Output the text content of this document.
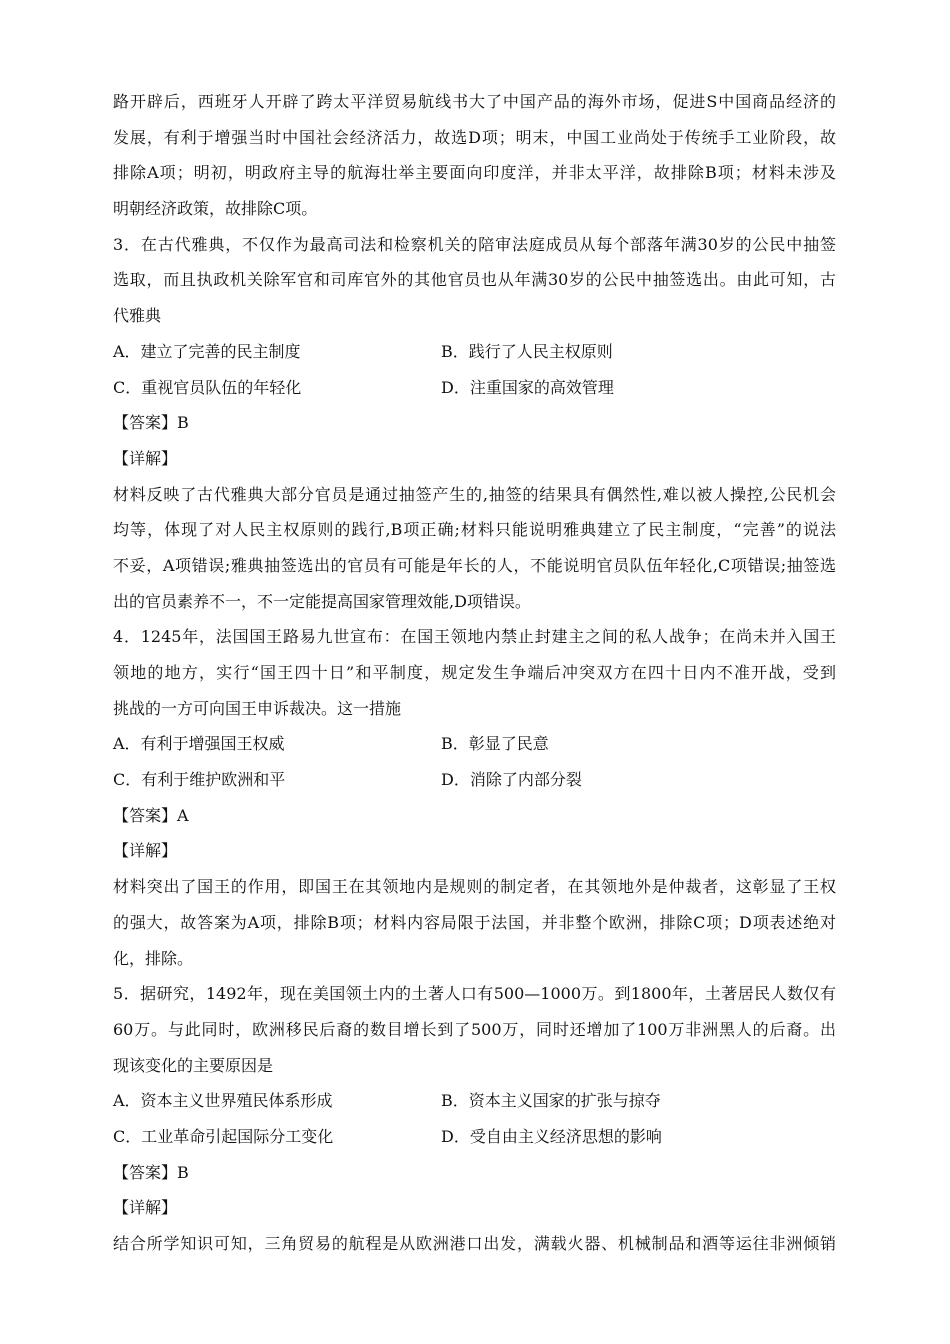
路开辟后，西班牙人开辟了跨太平洋贸易航线书大了中国产品的海外市场，促进S中国商品经济的
发展，有利于增强当时中国社会经济活力，故选D项；明末，中国工业尚处于传统手工业阶段，故
排除A项；明初，明政府主导的航海壮举主要面向印度洋，并非太平洋，故排除B项；材料未涉及
明朝经济政策，故排除C项。
3．在古代雅典，不仅作为最高司法和检察机关的陪审法庭成员从每个部落年满30岁的公民中抽签
选取，而且执政机关除军官和司库官外的其他官员也从年满30岁的公民中抽签选出。由此可知，古
代雅典
A．建立了完善的民主制度	B．践行了人民主权原则
C．重视官员队伍的年轻化	D．注重国家的高效管理
【答案】B
【详解】
材料反映了古代雅典大部分官员是通过抽签产生的,抽签的结果具有偶然性,难以被人操控,公民机会
均等，体现了对人民主权原则的践行,B项正确;材料只能说明雅典建立了民主制度，“完善”的说法
不妥，A项错误;雅典抽签选出的官员有可能是年长的人，不能说明官员队伍年轻化,C项错误;抽签选
出的官员素养不一，不一定能提高国家管理效能,D项错误。
4．1245年，法国国王路易九世宣布：在国王领地内禁止封建主之间的私人战争；在尚未并入国王
领地的地方，实行“国王四十日”和平制度，规定发生争端后冲突双方在四十日内不准开战，受到
挑战的一方可向国王申诉裁决。这一措施
A．有利于增强国王权威	B．彰显了民意
C．有利于维护欧洲和平	D．消除了内部分裂
【答案】A
【详解】
材料突出了国王的作用，即国王在其领地内是规则的制定者，在其领地外是仲裁者，这彰显了王权
的强大，故答案为A项，排除B项；材料内容局限于法国，并非整个欧洲，排除C项；D项表述绝对
化，排除。
5．据研究，1492年，现在美国领土内的土著人口有500—1000万。到1800年，土著居民人数仅有
60万。与此同时，欧洲移民后裔的数目增长到了500万，同时还增加了100万非洲黑人的后裔。出
现该变化的主要原因是
A．资本主义世界殖民体系形成	B．资本主义国家的扩张与掠夺
C．工业革命引起国际分工变化	D．受自由主义经济思想的影响
【答案】B
【详解】
结合所学知识可知，三角贸易的航程是从欧洲港口出发，满载火器、机械制品和酒等运往非洲倾销
